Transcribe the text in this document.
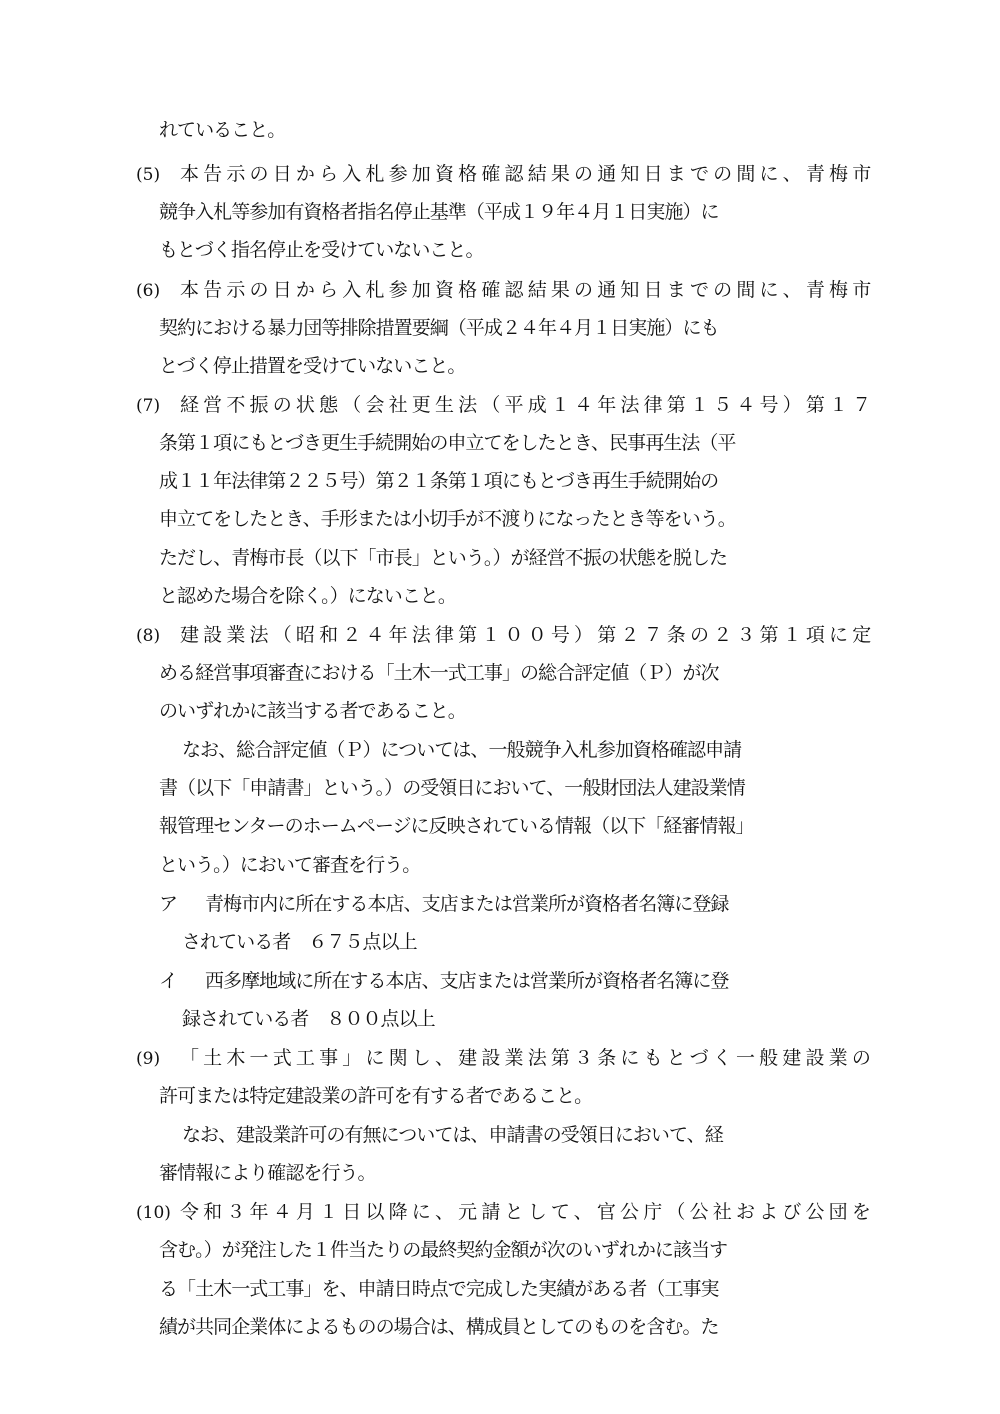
れていること。
(5) 本告示の日から入札参加資格確認結果の通知日までの間に、青梅市
競争入札等参加有資格者指名停止基準（平成１９年４月１日実施）に
もとづく指名停止を受けていないこと。
(6) 本告示の日から入札参加資格確認結果の通知日までの間に、青梅市
契約における暴力団等排除措置要綱（平成２４年４月１日実施）にも
とづく停止措置を受けていないこと。
(7) 経営不振の状態（会社更生法（平成１４年法律第１５４号）第１７
条第１項にもとづき更生手続開始の申立てをしたとき、民事再生法（平
成１１年法律第２２５号）第２１条第１項にもとづき再生手続開始の
申立てをしたとき、手形または小切手が不渡りになったとき等をいう。
ただし、青梅市長（以下「市長」という。）が経営不振の状態を脱した
と認めた場合を除く。）にないこと。
(8) 建設業法（昭和２４年法律第１００号）第２７条の２３第１項に定
める経営事項審査における「土木一式工事」の総合評定値（Ｐ）が次
のいずれかに該当する者であること。
なお、総合評定値（Ｐ）については、一般競争入札参加資格確認申請
書（以下「申請書」という。）の受領日において、一般財団法人建設業情
報管理センターのホームページに反映されている情報（以下「経審情報」
という。）において審査を行う。
ア 青梅市内に所在する本店、支店または営業所が資格者名簿に登録
されている者　６７５点以上
イ 西多摩地域に所在する本店、支店または営業所が資格者名簿に登
録されている者　８００点以上
(9) 「土木一式工事」に関し、建設業法第３条にもとづく一般建設業の
許可または特定建設業の許可を有する者であること。
なお、建設業許可の有無については、申請書の受領日において、経
審情報により確認を行う。
(10) 令和３年４月１日以降に、元請として、官公庁（公社および公団を
含む。）が発注した１件当たりの最終契約金額が次のいずれかに該当す
る「土木一式工事」を、申請日時点で完成した実績がある者（工事実
績が共同企業体によるものの場合は、構成員としてのものを含む。た
